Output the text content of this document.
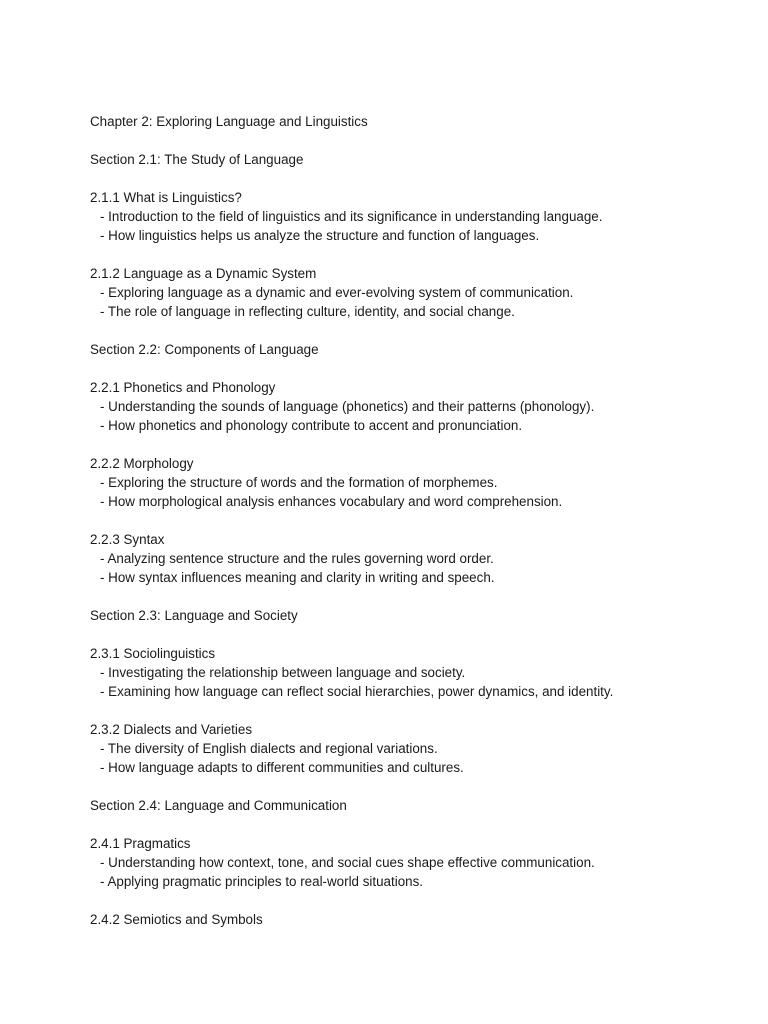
Chapter 2: Exploring Language and Linguistics
Section 2.1: The Study of Language
2.1.1 What is Linguistics?
- Introduction to the field of linguistics and its significance in understanding language.
- How linguistics helps us analyze the structure and function of languages.
2.1.2 Language as a Dynamic System
- Exploring language as a dynamic and ever-evolving system of communication.
- The role of language in reflecting culture, identity, and social change.
Section 2.2: Components of Language
2.2.1 Phonetics and Phonology
- Understanding the sounds of language (phonetics) and their patterns (phonology).
- How phonetics and phonology contribute to accent and pronunciation.
2.2.2 Morphology
- Exploring the structure of words and the formation of morphemes.
- How morphological analysis enhances vocabulary and word comprehension.
2.2.3 Syntax
- Analyzing sentence structure and the rules governing word order.
- How syntax influences meaning and clarity in writing and speech.
Section 2.3: Language and Society
2.3.1 Sociolinguistics
- Investigating the relationship between language and society.
- Examining how language can reflect social hierarchies, power dynamics, and identity.
2.3.2 Dialects and Varieties
- The diversity of English dialects and regional variations.
- How language adapts to different communities and cultures.
Section 2.4: Language and Communication
2.4.1 Pragmatics
- Understanding how context, tone, and social cues shape effective communication.
- Applying pragmatic principles to real-world situations.
2.4.2 Semiotics and Symbols
